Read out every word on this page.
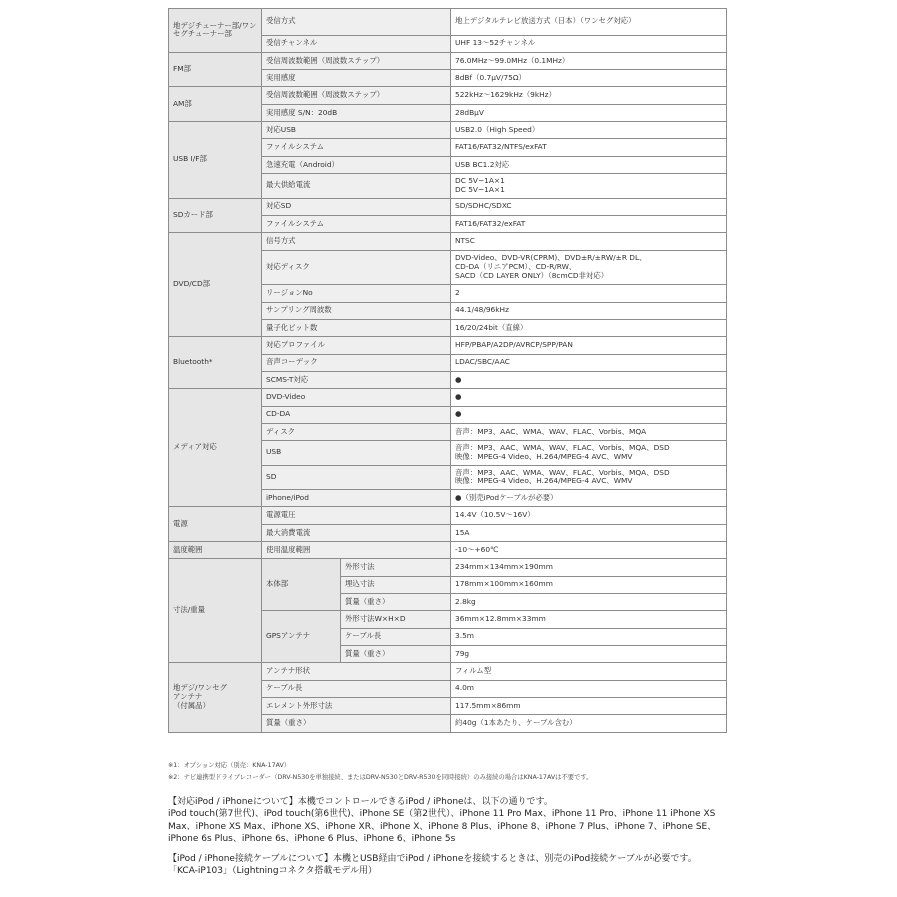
地デジチューナー部/ワンセグチューナー部	受信方式		地上デジタルテレビ放送方式（日本）（ワンセグ対応）
	受信チャンネル		UHF 13〜52チャンネル
FM部	受信周波数範囲（周波数ステップ）		76.0MHz〜99.0MHz（0.1MHz）
	実用感度		8dBf（0.7μV/75Ω）
AM部	受信周波数範囲（周波数ステップ）		522kHz〜1629kHz（9kHz）
	実用感度 S/N：20dB		28dBμV
USB I/F部	対応USB		USB2.0（High Speed）
	ファイルシステム		FAT16/FAT32/NTFS/exFAT
	急速充電（Android）		USB BC1.2対応
	最大供給電流		DC 5V−1A×1
DC 5V−1A×1
SDカード部	対応SD		SD/SDHC/SDXC
	ファイルシステム		FAT16/FAT32/exFAT
DVD/CD部	信号方式		NTSC
	対応ディスク		DVD-Video、DVD-VR(CPRM)、DVD±R/±RW/±R DL、
CD-DA（リニアPCM）、CD-R/RW、
SACD（CD LAYER ONLY）（8cmCD非対応）
	リージョンNo		2
	サンプリング周波数		44.1/48/96kHz
	量子化ビット数		16/20/24bit（直線）
Bluetooth*	対応プロファイル		HFP/PBAP/A2DP/AVRCP/SPP/PAN
	音声コーデック		LDAC/SBC/AAC
	SCMS-T対応		●
メディア対応	DVD-Video		●
	CD-DA		●
	ディスク		音声：MP3、AAC、WMA、WAV、FLAC、Vorbis、MQA
	USB		音声：MP3、AAC、WMA、WAV、FLAC、Vorbis、MQA、DSD
映像：MPEG-4 Video、H.264/MPEG-4 AVC、WMV
	SD		音声：MP3、AAC、WMA、WAV、FLAC、Vorbis、MQA、DSD
映像：MPEG-4 Video、H.264/MPEG-4 AVC、WMV
	iPhone/iPod		●（別売iPodケーブルが必要）
電源	電源電圧		14.4V（10.5V〜16V）
	最大消費電流		15A
温度範囲	使用温度範囲		-10〜+60℃
寸法/重量	本体部	外形寸法	234mm×134mm×190mm
		埋込寸法	178mm×100mm×160mm
		質量（重さ）	2.8kg
	GPSアンテナ	外形寸法W×H×D	36mm×12.8mm×33mm
		ケーブル長	3.5m
		質量（重さ）	79g
地デジ/ワンセグ
アンテナ
（付属品）	アンテナ形状		フィルム型
	ケーブル長		4.0m
	エレメント外形寸法		117.5mm×86mm
	質量（重さ）		約40g（1本あたり、ケーブル含む）
※1：オプション対応（別売：KNA-17AV）
※2：ナビ連携型ドライブレコーダー（DRV-N530を単独接続、またはDRV-N530とDRV-R530を同時接続）のみ接続の場合はKNA-17AVは不要です。

【対応iPod / iPhoneについて】本機でコントロールできるiPod / iPhoneは、以下の通りです。

iPod touch(第7世代)、iPod touch(第6世代)、iPhone SE（第2世代）、iPhone 11 Pro Max、iPhone 11 Pro、iPhone 11 iPhone XS Max、iPhone XS Max、iPhone XS、iPhone XR、iPhone X、iPhone 8 Plus、iPhone 8、iPhone 7 Plus、iPhone 7、iPhone SE、iPhone 6s Plus、iPhone 6s、iPhone 6 Plus、iPhone 6、iPhone 5s

【iPod / iPhone接続ケーブルについて】本機とUSB経由でiPod / iPhoneを接続するときは、別売のiPod接続ケーブルが必要です。

「KCA-iP103」（Lightningコネクタ搭載モデル用）
